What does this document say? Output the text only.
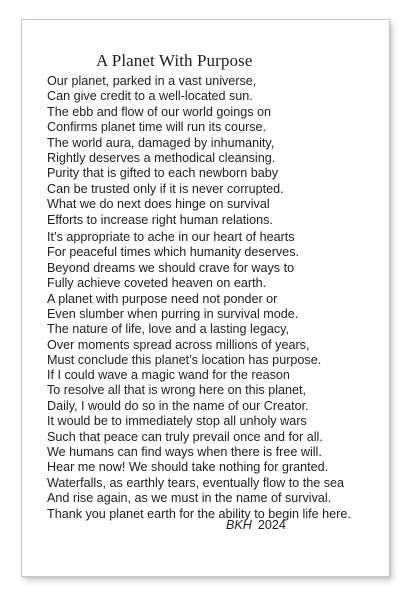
A Planet With Purpose
Our planet, parked in a vast universe,
Can give credit to a well-located sun.
The ebb and flow of our world goings on
Confirms planet time will run its course.
The world aura, damaged by inhumanity,
Rightly deserves a methodical cleansing.
Purity that is gifted to each newborn baby
Can be trusted only if it is never corrupted.
What we do next does hinge on survival
Efforts to increase right human relations.
It’s appropriate to ache in our heart of hearts
For peaceful times which humanity deserves.
Beyond dreams we should crave for ways to
Fully achieve coveted heaven on earth.
A planet with purpose need not ponder or
Even slumber when purring in survival mode.
The nature of life, love and a lasting legacy,
Over moments spread across millions of years,
Must conclude this planet’s location has purpose.
If I could wave a magic wand for the reason
To resolve all that is wrong here on this planet,
Daily, I would do so in the name of our Creator.
It would be to immediately stop all unholy wars
Such that peace can truly prevail once and for all.
We humans can find ways when there is free will.
Hear me now! We should take nothing for granted.
Waterfalls, as earthly tears, eventually flow to the sea
And rise again, as we must in the name of survival.
Thank you planet earth for the ability to begin life here.
BKH 2024
